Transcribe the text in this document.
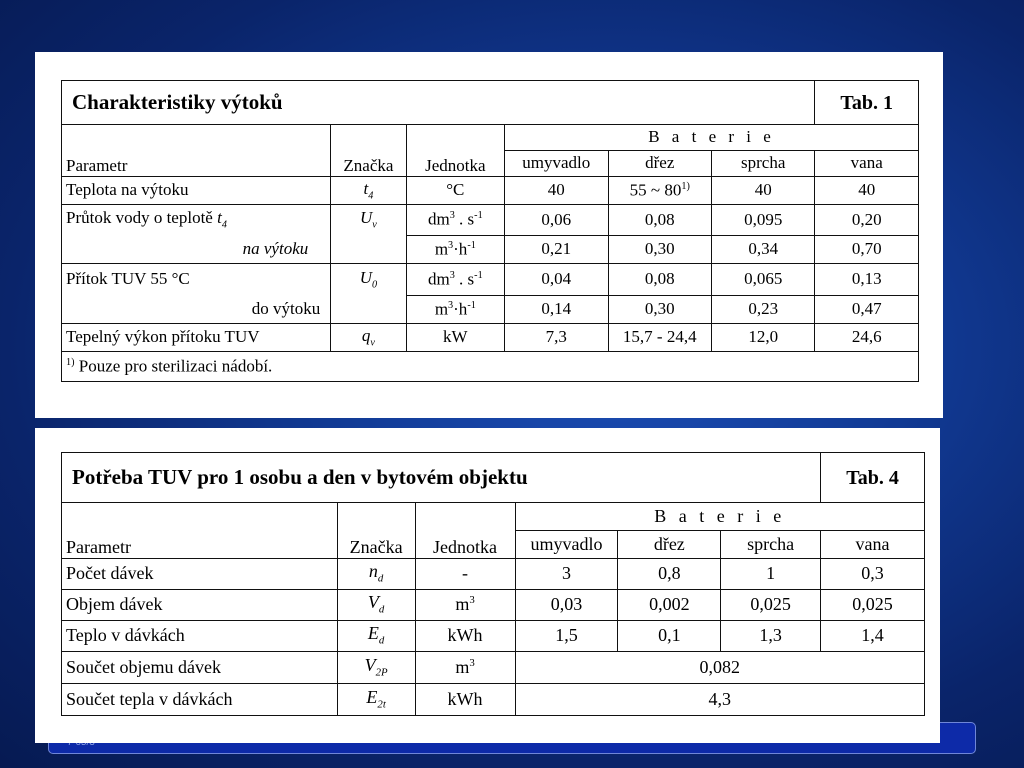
Charakteristiky výtoků						Tab. 1
Parametr	Značka	Jednotka	B a t e r i e			
			umyvadlo	dřez	sprcha	vana
Teplota na výtoku	$t_4$	°C	40	55 ~ 80$^{1)}$	40	40
Průtok vody o teplotě $t_4$	$U_v$	$dm^3$ . $s^{-1}$	0,06	0,08	0,095	0,20
na výtoku		$m^3\cdot h^{-1}$	0,21	0,30	0,34	0,70
Přítok TUV 55 °C	$U_0$	$dm^3$ . $s^{-1}$	0,04	0,08	0,065	0,13
do výtoku		$m^3\cdot h^{-1}$	0,14	0,30	0,23	0,47
Tepelný výkon přítoku TUV	$q_v$	kW	7,3	15,7 - 24,4	12,0	24,6
$^{1)}$ Pouze pro sterilizaci nádobí.						
Potřeba TUV pro 1 osobu a den v bytovém objektu						Tab. 4
Parametr	Značka	Jednotka	B a t e r i e			
			umyvadlo	dřez	sprcha	vana
Počet dávek	$n_d$	-	3	0,8	1	0,3
Objem dávek	$V_d$	$m^3$	0,03	0,002	0,025	0,025
Teplo v dávkách	$E_d$	kWh	1,5	0,1	1,3	1,4
Součet objemu dávek	$V_{2P}$	$m^3$	0,082			
Součet tepla v dávkách	$E_{2t}$	kWh	4,3			
